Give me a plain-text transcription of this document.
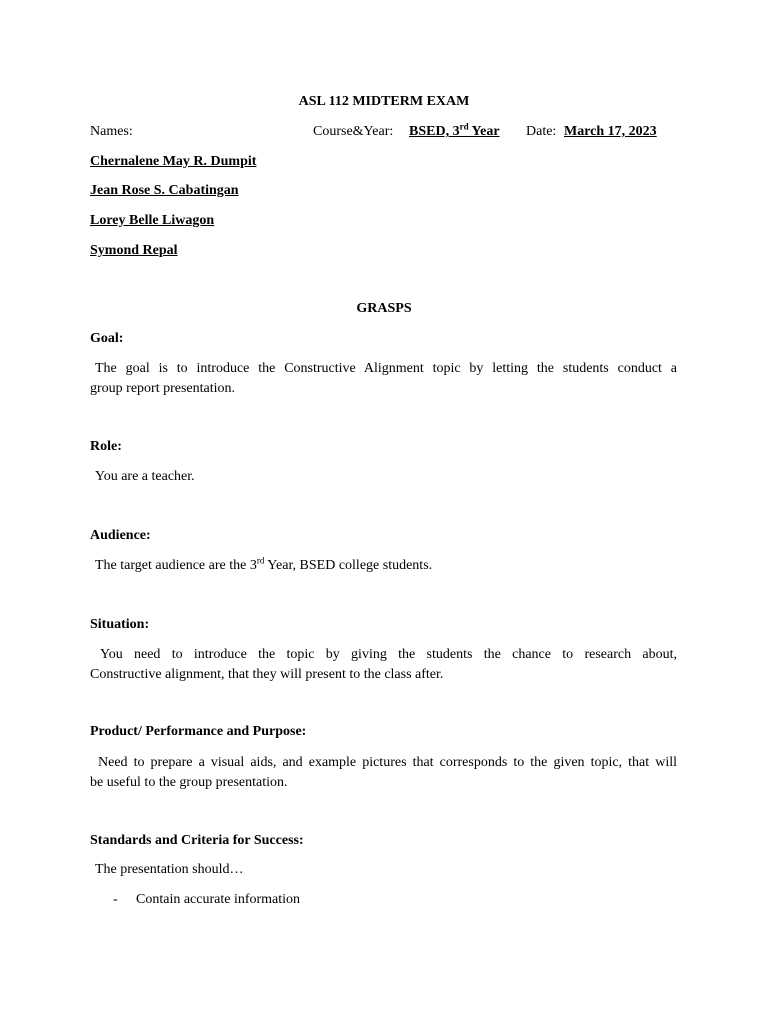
ASL 112 MIDTERM EXAM
Names:	Course&Year: BSED, 3rd Year Date: March 17, 2023
Chernalene May R. Dumpit
Jean Rose S. Cabatingan
Lorey Belle Liwagon
Symond Repal
GRASPS
Goal:
The goal is to introduce the Constructive Alignment topic by letting the students conduct a
group report presentation.
Role:
You are a teacher.
Audience:
The target audience are the 3rd Year, BSED college students.
Situation:
You need to introduce the topic by giving the students the chance to research about,
Constructive alignment, that they will present to the class after.
Product/ Performance and Purpose:
Need to prepare a visual aids, and example pictures that corresponds to the given topic, that will
be useful to the group presentation.
Standards and Criteria for Success:
The presentation should…
- Contain accurate information
